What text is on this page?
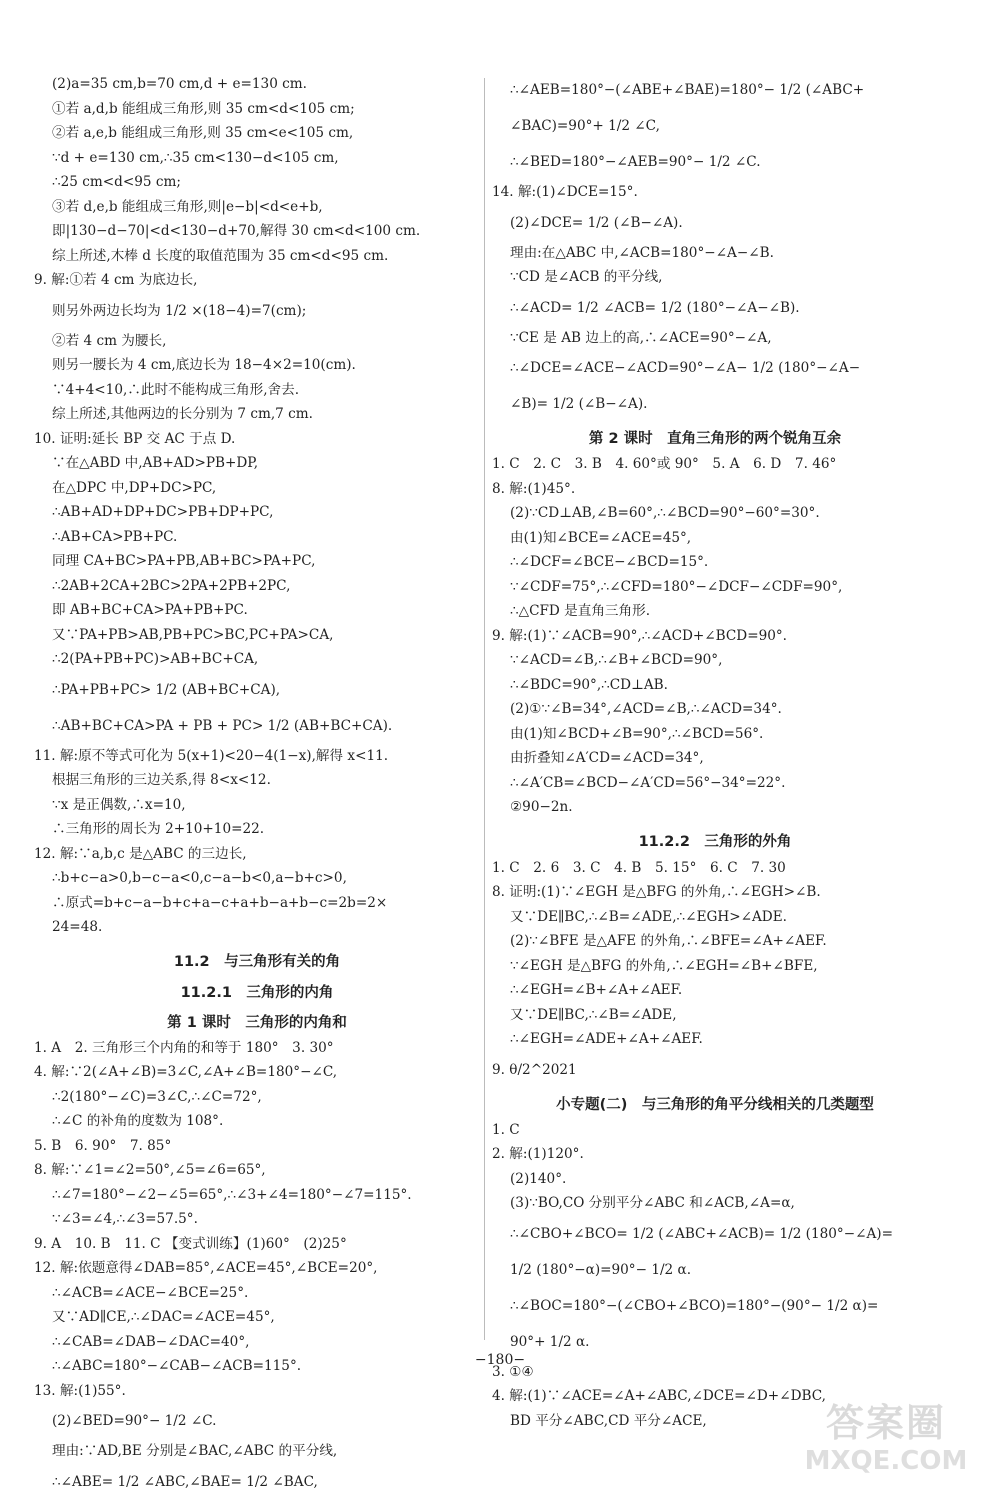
(2)a=35 cm,b=70 cm,d + e=130 cm.
①若 a,d,b 能组成三角形,则 35 cm<d<105 cm;
②若 a,e,b 能组成三角形,则 35 cm<e<105 cm,
∵d + e=130 cm,∴35 cm<130−d<105 cm,
∴25 cm<d<95 cm;
③若 d,e,b 能组成三角形,则|e−b|<d<e+b,
即|130−d−70|<d<130−d+70,解得 30 cm<d<100 cm.
综上所述,木棒 d 长度的取值范围为 35 cm<d<95 cm.
9. 解:①若 4 cm 为底边长,
则另外两边长均为 1/2 ×(18−4)=7(cm);
②若 4 cm 为腰长,
则另一腰长为 4 cm,底边长为 18−4×2=10(cm).
∵4+4<10,∴此时不能构成三角形,舍去.
综上所述,其他两边的长分别为 7 cm,7 cm.
10. 证明:延长 BP 交 AC 于点 D.
∵在△ABD 中,AB+AD>PB+DP,
在△DPC 中,DP+DC>PC,
∴AB+AD+DP+DC>PB+DP+PC,
∴AB+CA>PB+PC.
同理 CA+BC>PA+PB,AB+BC>PA+PC,
∴2AB+2CA+2BC>2PA+2PB+2PC,
即 AB+BC+CA>PA+PB+PC.
又∵PA+PB>AB,PB+PC>BC,PC+PA>CA,
∴2(PA+PB+PC)>AB+BC+CA,
∴PA+PB+PC> 1/2 (AB+BC+CA),
∴AB+BC+CA>PA + PB + PC> 1/2 (AB+BC+CA).
11. 解:原不等式可化为 5(x+1)<20−4(1−x),解得 x<11.
根据三角形的三边关系,得 8<x<12.
∵x 是正偶数,∴x=10,
∴三角形的周长为 2+10+10=22.
12. 解:∵a,b,c 是△ABC 的三边长,
∴b+c−a>0,b−c−a<0,c−a−b<0,a−b+c>0,
∴原式=b+c−a−b+c+a−c+a+b−a+b−c=2b=2×
24=48.
11.2　与三角形有关的角
11.2.1　三角形的内角
第 1 课时　三角形的内角和
1. A　2. 三角形三个内角的和等于 180°　3. 30°
4. 解:∵2(∠A+∠B)=3∠C,∠A+∠B=180°−∠C,
∴2(180°−∠C)=3∠C,∴∠C=72°,
∴∠C 的补角的度数为 108°.
5. B　6. 90°　7. 85°
8. 解:∵∠1=∠2=50°,∠5=∠6=65°,
∴∠7=180°−∠2−∠5=65°,∴∠3+∠4=180°−∠7=115°.
∵∠3=∠4,∴∠3=57.5°.
9. A　10. B　11. C 【变式训练】(1)60°　(2)25°
12. 解:依题意得∠DAB=85°,∠ACE=45°,∠BCE=20°,
∴∠ACB=∠ACE−∠BCE=25°.
又∵AD∥CE,∴∠DAC=∠ACE=45°,
∴∠CAB=∠DAB−∠DAC=40°,
∴∠ABC=180°−∠CAB−∠ACB=115°.
13. 解:(1)55°.
(2)∠BED=90°− 1/2 ∠C.
理由:∵AD,BE 分别是∠BAC,∠ABC 的平分线,
∴∠ABE= 1/2 ∠ABC,∠BAE= 1/2 ∠BAC,
∴∠AEB=180°−(∠ABE+∠BAE)=180°− 1/2 (∠ABC+
∠BAC)=90°+ 1/2 ∠C,
∴∠BED=180°−∠AEB=90°− 1/2 ∠C.
14. 解:(1)∠DCE=15°.
(2)∠DCE= 1/2 (∠B−∠A).
理由:在△ABC 中,∠ACB=180°−∠A−∠B.
∵CD 是∠ACB 的平分线,
∴∠ACD= 1/2 ∠ACB= 1/2 (180°−∠A−∠B).
∵CE 是 AB 边上的高,∴∠ACE=90°−∠A,
∴∠DCE=∠ACE−∠ACD=90°−∠A− 1/2 (180°−∠A−
∠B)= 1/2 (∠B−∠A).
第 2 课时　直角三角形的两个锐角互余
1. C　2. C　3. B　4. 60°或 90°　5. A　6. D　7. 46°
8. 解:(1)45°.
(2)∵CD⊥AB,∠B=60°,∴∠BCD=90°−60°=30°.
由(1)知∠BCE=∠ACE=45°,
∴∠DCF=∠BCE−∠BCD=15°.
∵∠CDF=75°,∴∠CFD=180°−∠DCF−∠CDF=90°,
∴△CFD 是直角三角形.
9. 解:(1)∵∠ACB=90°,∴∠ACD+∠BCD=90°.
∵∠ACD=∠B,∴∠B+∠BCD=90°,
∴∠BDC=90°,∴CD⊥AB.
(2)①∵∠B=34°,∠ACD=∠B,∴∠ACD=34°.
由(1)知∠BCD+∠B=90°,∴∠BCD=56°.
由折叠知∠A′CD=∠ACD=34°,
∴∠A′CB=∠BCD−∠A′CD=56°−34°=22°.
②90−2n.
11.2.2　三角形的外角
1. C　2. 6　3. C　4. B　5. 15°　6. C　7. 30
8. 证明:(1)∵∠EGH 是△BFG 的外角,∴∠EGH>∠B.
又∵DE∥BC,∴∠B=∠ADE,∴∠EGH>∠ADE.
(2)∵∠BFE 是△AFE 的外角,∴∠BFE=∠A+∠AEF.
∵∠EGH 是△BFG 的外角,∴∠EGH=∠B+∠BFE,
∴∠EGH=∠B+∠A+∠AEF.
又∵DE∥BC,∴∠B=∠ADE,
∴∠EGH=∠ADE+∠A+∠AEF.
9. θ/2^2021
小专题(二)　与三角形的角平分线相关的几类题型
1. C
2. 解:(1)120°.
(2)140°.
(3)∵BO,CO 分别平分∠ABC 和∠ACB,∠A=α,
∴∠CBO+∠BCO= 1/2 (∠ABC+∠ACB)= 1/2 (180°−∠A)=
1/2 (180°−α)=90°− 1/2 α.
∴∠BOC=180°−(∠CBO+∠BCO)=180°−(90°− 1/2 α)=
90°+ 1/2 α.
3. ①④
4. 解:(1)∵∠ACE=∠A+∠ABC,∠DCE=∠D+∠DBC,
BD 平分∠ABC,CD 平分∠ACE,
−180−
答案圈
MXQE.COM
